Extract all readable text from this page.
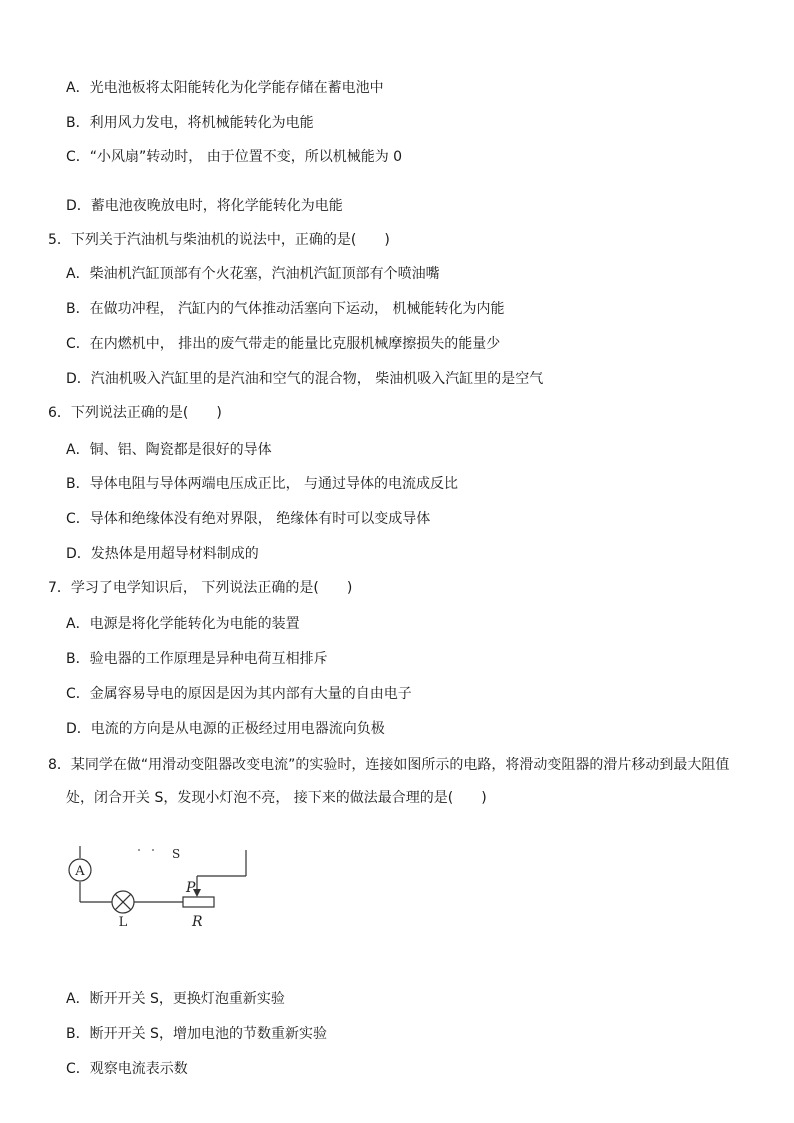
A．光电池板将太阳能转化为化学能存储在蓄电池中
B．利用风力发电，将机械能转化为电能
C．“小风扇”转动时， 由于位置不变，所以机械能为 0
D．蓄电池夜晚放电时，将化学能转化为电能
5．下列关于汽油机与柴油机的说法中，正确的是(　　)
A．柴油机汽缸顶部有个火花塞，汽油机汽缸顶部有个喷油嘴
B．在做功冲程， 汽缸内的气体推动活塞向下运动， 机械能转化为内能
C．在内燃机中， 排出的废气带走的能量比克服机械摩擦损失的能量少
D．汽油机吸入汽缸里的是汽油和空气的混合物， 柴油机吸入汽缸里的是空气
6．下列说法正确的是(　　)
A．铜、铝、陶瓷都是很好的导体
B．导体电阻与导体两端电压成正比， 与通过导体的电流成反比
C．导体和绝缘体没有绝对界限， 绝缘体有时可以变成导体
D．发热体是用超导材料制成的
7．学习了电学知识后， 下列说法正确的是(　　)
A．电源是将化学能转化为电能的装置
B．验电器的工作原理是异种电荷互相排斥
C．金属容易导电的原因是因为其内部有大量的自由电子
D．电流的方向是从电源的正极经过用电器流向负极
8．某同学在做“用滑动变阻器改变电流”的实验时，连接如图所示的电路，将滑动变阻器的滑片移动到最大阻值
处，闭合开关 S，发现小灯泡不亮， 接下来的做法最合理的是(　　)
A
L
P
R
S
A．断开开关 S，更换灯泡重新实验
B．断开开关 S，增加电池的节数重新实验
C．观察电流表示数
